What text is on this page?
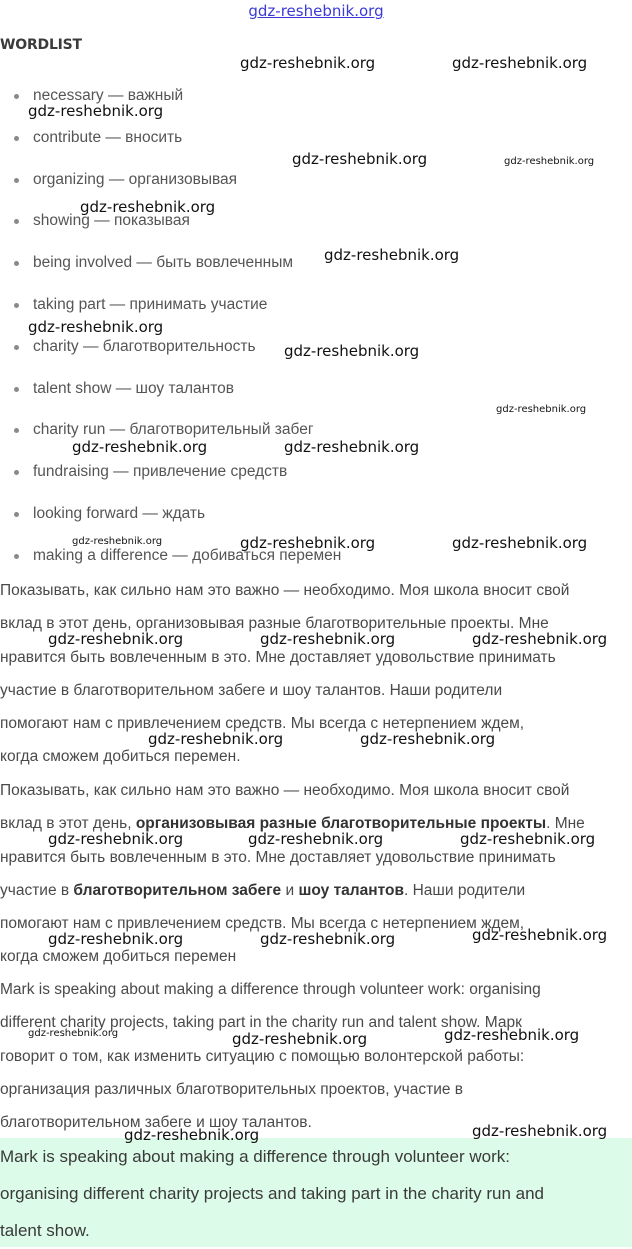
gdz-reshebnik.org
WORDLIST
necessary — важный
contribute — вносить
organizing — организовывая
showing — показывая
being involved — быть вовлеченным
taking part — принимать участие
charity — благотворительность
talent show — шоу талантов
charity run — благотворительный забег
fundraising — привлечение средств
looking forward — ждать
making a difference — добиваться перемен
Показывать, как сильно нам это важно — необходимо. Моя школа вносит свой
вклад в этот день, организовывая разные благотворительные проекты. Мне
нравится быть вовлеченным в это. Мне доставляет удовольствие принимать
участие в благотворительном забеге и шоу талантов. Наши родители
помогают нам с привлечением средств. Мы всегда с нетерпением ждем,
когда сможем добиться перемен.
Показывать, как сильно нам это важно — необходимо. Моя школа вносит свой
вклад в этот день, организовывая разные благотворительные проекты. Мне
нравится быть вовлеченным в это. Мне доставляет удовольствие принимать
участие в благотворительном забеге и шоу талантов. Наши родители
помогают нам с привлечением средств. Мы всегда с нетерпением ждем,
когда сможем добиться перемен
Mark is speaking about making a difference through volunteer work: organising
different charity projects, taking part in the charity run and talent show. Марк
говорит о том, как изменить ситуацию с помощью волонтерской работы:
организация различных благотворительных проектов, участие в
благотворительном забеге и шоу талантов.
Mark is speaking about making a difference through volunteer work:
organising different charity projects and taking part in the charity run and
talent show.
gdz-reshebnik.org	gdz-reshebnik.org
gdz-reshebnik.org
gdz-reshebnik.org	gdz-reshebnik.org
gdz-reshebnik.org
gdz-reshebnik.org
gdz-reshebnik.org
gdz-reshebnik.org
gdz-reshebnik.org
gdz-reshebnik.org	gdz-reshebnik.org
gdz-reshebnik.org	gdz-reshebnik.org	gdz-reshebnik.org
gdz-reshebnik.org	gdz-reshebnik.org	gdz-reshebnik.org
gdz-reshebnik.org	gdz-reshebnik.org
gdz-reshebnik.org	gdz-reshebnik.org	gdz-reshebnik.org
gdz-reshebnik.org	gdz-reshebnik.org	gdz-reshebnik.org
gdz-reshebnik.org	gdz-reshebnik.org	gdz-reshebnik.org
gdz-reshebnik.org	gdz-reshebnik.org
